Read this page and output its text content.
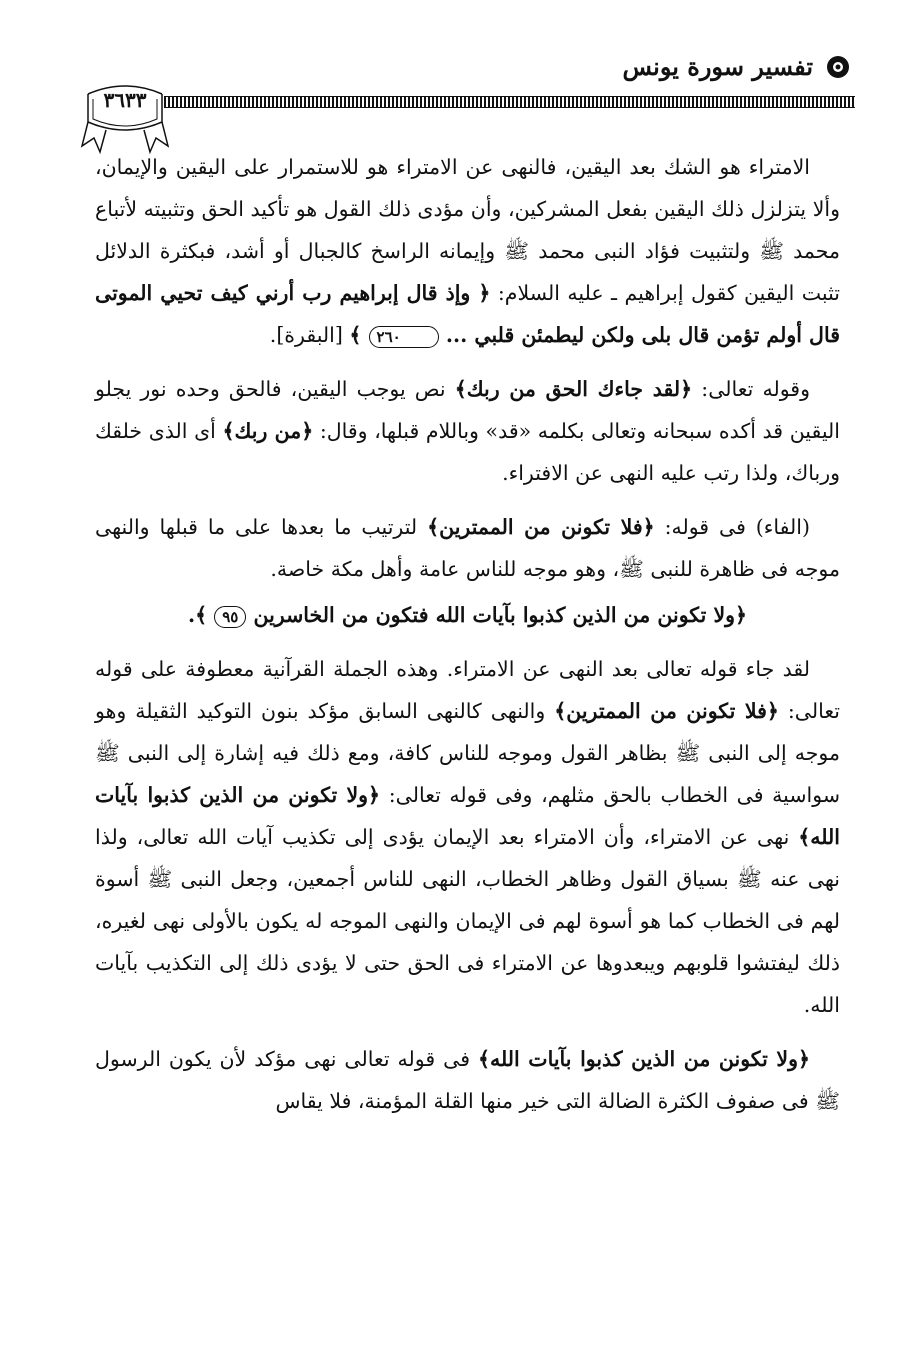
تفسير سورة يونس
٣٦٣٣

الامتراء هو الشك بعد اليقين، فالنهى عن الامتراء هو للاستمرار على اليقين والإيمان، وألا يتزلزل ذلك اليقين بفعل المشركين، وأن مؤدى ذلك القول هو تأكيد الحق وتثبيته لأتباع محمد ﷺ ولتثبيت فؤاد النبى محمد ﷺ وإيمانه الراسخ كالجبال أو أشد، فبكثرة الدلائل تثبت اليقين كقول إبراهيم ـ عليه السلام: ﴿ وإذ قال إبراهيم رب أرني كيف تحيي الموتى قال أولم تؤمن قال بلى ولكن ليطمئن قلبي ... ٢٦٠ ﴾ [البقرة].

وقوله تعالى: ﴿لقد جاءك الحق من ربك﴾ نص يوجب اليقين، فالحق وحده نور يجلو اليقين قد أكده سبحانه وتعالى بكلمه «قد» وباللام قبلها، وقال: ﴿من ربك﴾ أى الذى خلقك ورباك، ولذا رتب عليه النهى عن الافتراء.

(الفاء) فى قوله: ﴿فلا تكونن من الممترين﴾ لترتيب ما بعدها على ما قبلها والنهى موجه فى ظاهرة للنبى ﷺ، وهو موجه للناس عامة وأهل مكة خاصة.

﴿ولا تكونن من الذين كذبوا بآيات الله فتكون من الخاسرين ٩٥ ﴾.

لقد جاء قوله تعالى بعد النهى عن الامتراء. وهذه الجملة القرآنية معطوفة على قوله تعالى: ﴿فلا تكونن من الممترين﴾ والنهى كالنهى السابق مؤكد بنون التوكيد الثقيلة وهو موجه إلى النبى ﷺ بظاهر القول وموجه للناس كافة، ومع ذلك فيه إشارة إلى النبى ﷺ سواسية فى الخطاب بالحق مثلهم، وفى قوله تعالى: ﴿ولا تكونن من الذين كذبوا بآيات الله﴾ نهى عن الامتراء، وأن الامتراء بعد الإيمان يؤدى إلى تكذيب آيات الله تعالى، ولذا نهى عنه ﷺ بسياق القول وظاهر الخطاب، النهى للناس أجمعين، وجعل النبى ﷺ أسوة لهم فى الخطاب كما هو أسوة لهم فى الإيمان والنهى الموجه له يكون بالأولى نهى لغيره، ذلك ليفتشوا قلوبهم ويبعدوها عن الامتراء فى الحق حتى لا يؤدى ذلك إلى التكذيب بآيات الله.

﴿ولا تكونن من الذين كذبوا بآيات الله﴾ فى قوله تعالى نهى مؤكد لأن يكون الرسول ﷺ فى صفوف الكثرة الضالة التى خير منها القلة المؤمنة، فلا يقاس
